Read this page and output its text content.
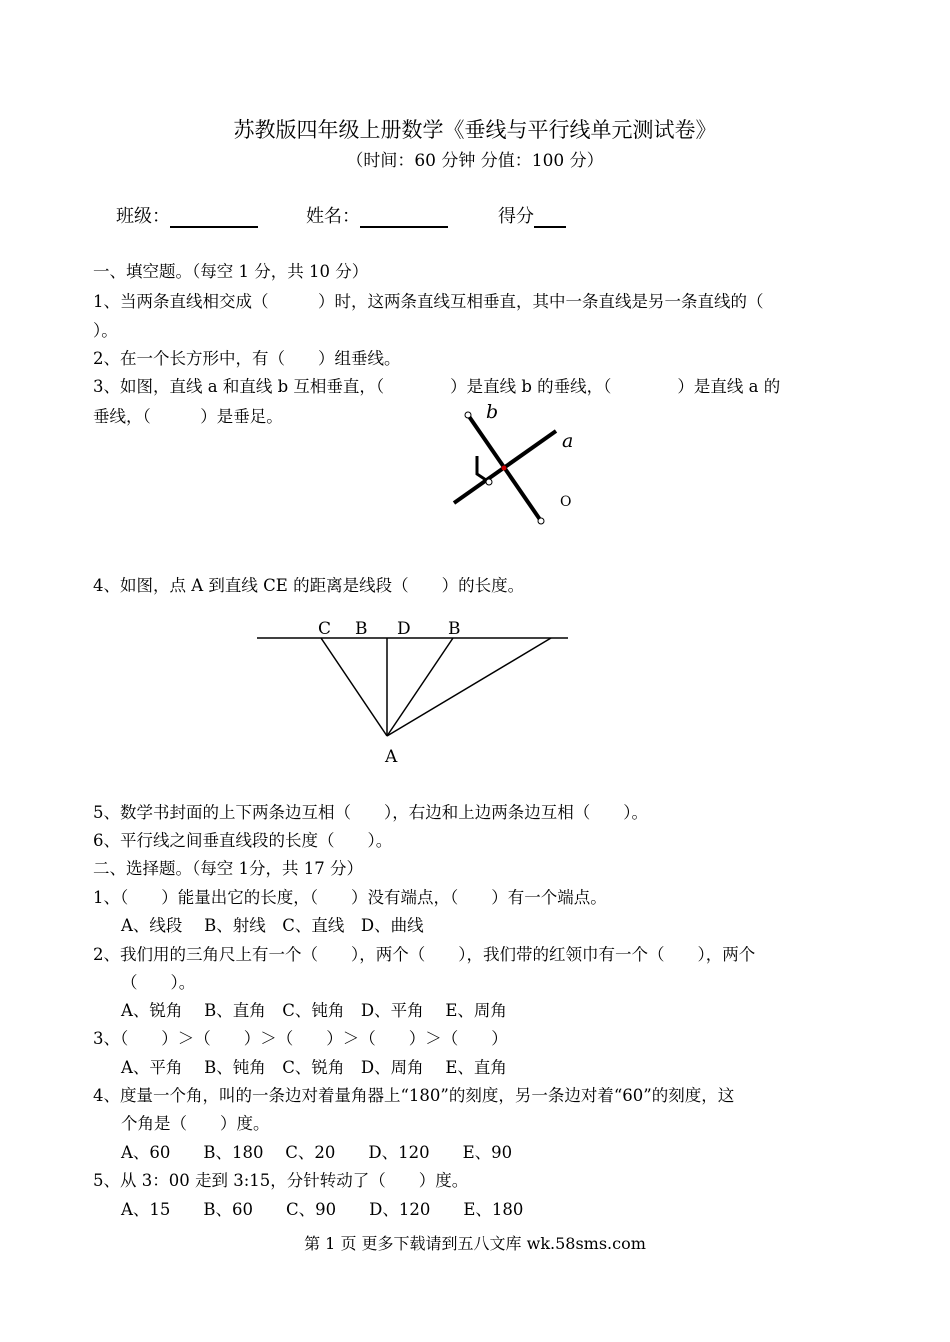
苏教版四年级上册数学《垂线与平行线单元测试卷》
（时间：60 分钟 分值：100 分）
班级：	姓名：	得分
一、填空题。（每空 1 分，共 10 分）
1、当两条直线相交成（　　　）时，这两条直线互相垂直，其中一条直线是另一条直线的（
）。
2、在一个长方形中，有（　　）组垂线。
3、如图，直线 a 和直线 b 互相垂直，（　　　　）是直线 b 的垂线，（　　　　）是直线 a 的
垂线，（　　　）是垂足。	b
a
O
4、如图，点 A 到直线 CE 的距离是线段（　　）的长度。
C B D B
A
5、数学书封面的上下两条边互相（　　），右边和上边两条边互相（　　）。
6、平行线之间垂直线段的长度（　　）。
二、选择题。（每空 1分，共 17 分）
1、（　　）能量出它的长度，（　　）没有端点，（　　）有一个端点。
A、线段　 B、射线　C、直线　D、曲线
2、我们用的三角尺上有一个（　　），两个（　　），我们带的红领巾有一个（　　），两个
（　　）。
A、锐角　 B、直角　C、钝角　D、平角　 E、周角
3、（　　）＞（　　）＞（　　）＞（　　）＞（　　）
A、平角　 B、钝角　C、锐角　D、周角　 E、直角
4、度量一个角，叫的一条边对着量角器上“180”的刻度，另一条边对着“60”的刻度，这
个角是（　　）度。
A、60　　B、180　 C、20　　D、120　　E、90
5、从 3：00 走到 3:15，分针转动了（　　）度。
A、15　　B、60　　C、90　　D、120　　E、180
第 1 页 更多下载请到五八文库 wk.58sms.com
